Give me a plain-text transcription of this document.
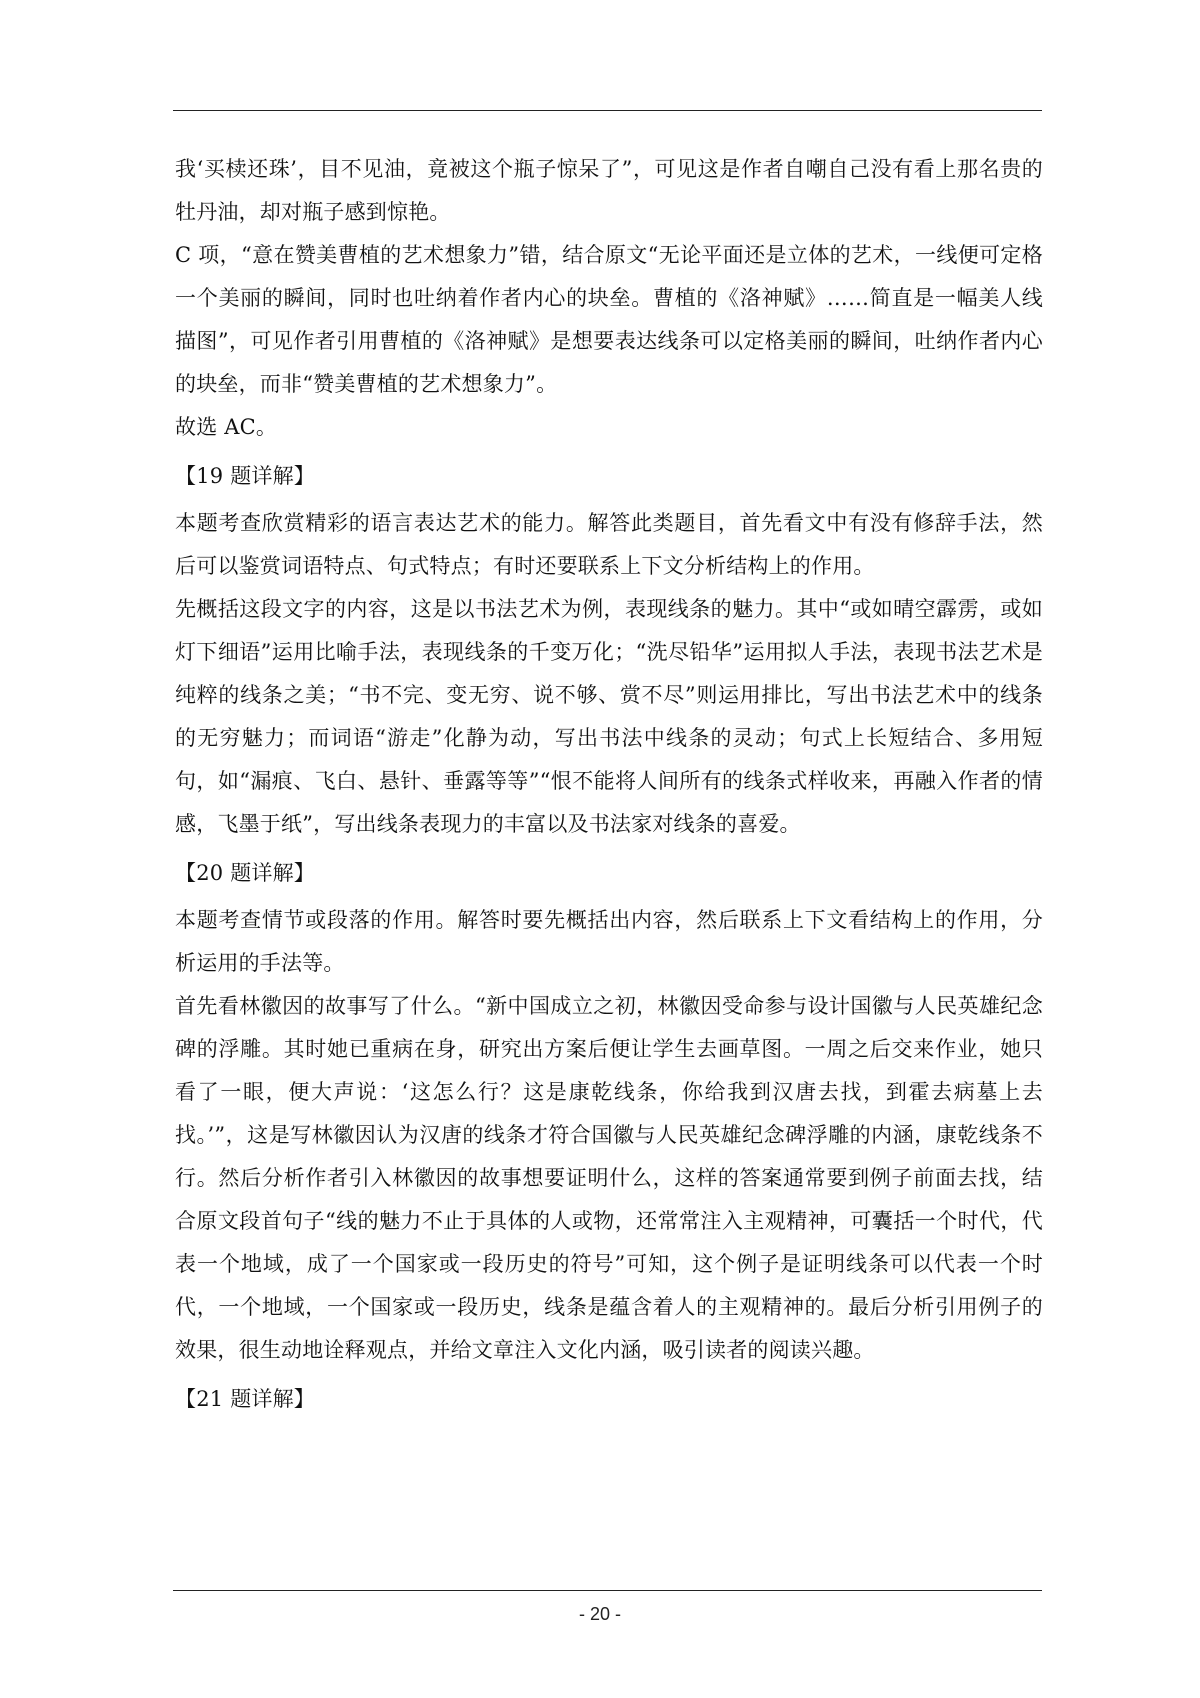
我‘买椟还珠’，目不见油，竟被这个瓶子惊呆了”，可见这是作者自嘲自己没有看上那名贵的牡丹油，却对瓶子感到惊艳。

C 项，“意在赞美曹植的艺术想象力”错，结合原文“无论平面还是立体的艺术，一线便可定格一个美丽的瞬间，同时也吐纳着作者内心的块垒。曹植的《洛神赋》……简直是一幅美人线描图”，可见作者引用曹植的《洛神赋》是想要表达线条可以定格美丽的瞬间，吐纳作者内心的块垒，而非“赞美曹植的艺术想象力”。

故选 AC。

【19 题详解】

本题考查欣赏精彩的语言表达艺术的能力。解答此类题目，首先看文中有没有修辞手法，然后可以鉴赏词语特点、句式特点；有时还要联系上下文分析结构上的作用。

先概括这段文字的内容，这是以书法艺术为例，表现线条的魅力。其中“或如晴空霹雳，或如灯下细语”运用比喻手法，表现线条的千变万化；“洗尽铅华”运用拟人手法，表现书法艺术是纯粹的线条之美；“书不完、变无穷、说不够、赏不尽”则运用排比，写出书法艺术中的线条的无穷魅力；而词语“游走”化静为动，写出书法中线条的灵动；句式上长短结合、多用短句，如“漏痕、飞白、悬针、垂露等等”“恨不能将人间所有的线条式样收来，再融入作者的情感，飞墨于纸”，写出线条表现力的丰富以及书法家对线条的喜爱。

【20 题详解】

本题考查情节或段落的作用。解答时要先概括出内容，然后联系上下文看结构上的作用，分析运用的手法等。

首先看林徽因的故事写了什么。“新中国成立之初，林徽因受命参与设计国徽与人民英雄纪念碑的浮雕。其时她已重病在身，研究出方案后便让学生去画草图。一周之后交来作业，她只看了一眼，便大声说：‘这怎么行？这是康乾线条，你给我到汉唐去找，到霍去病墓上去找。’”，这是写林徽因认为汉唐的线条才符合国徽与人民英雄纪念碑浮雕的内涵，康乾线条不行。然后分析作者引入林徽因的故事想要证明什么，这样的答案通常要到例子前面去找，结合原文段首句子“线的魅力不止于具体的人或物，还常常注入主观精神，可囊括一个时代，代表一个地域，成了一个国家或一段历史的符号”可知，这个例子是证明线条可以代表一个时代，一个地域，一个国家或一段历史，线条是蕴含着人的主观精神的。最后分析引用例子的效果，很生动地诠释观点，并给文章注入文化内涵，吸引读者的阅读兴趣。

【21 题详解】

- 20 -
